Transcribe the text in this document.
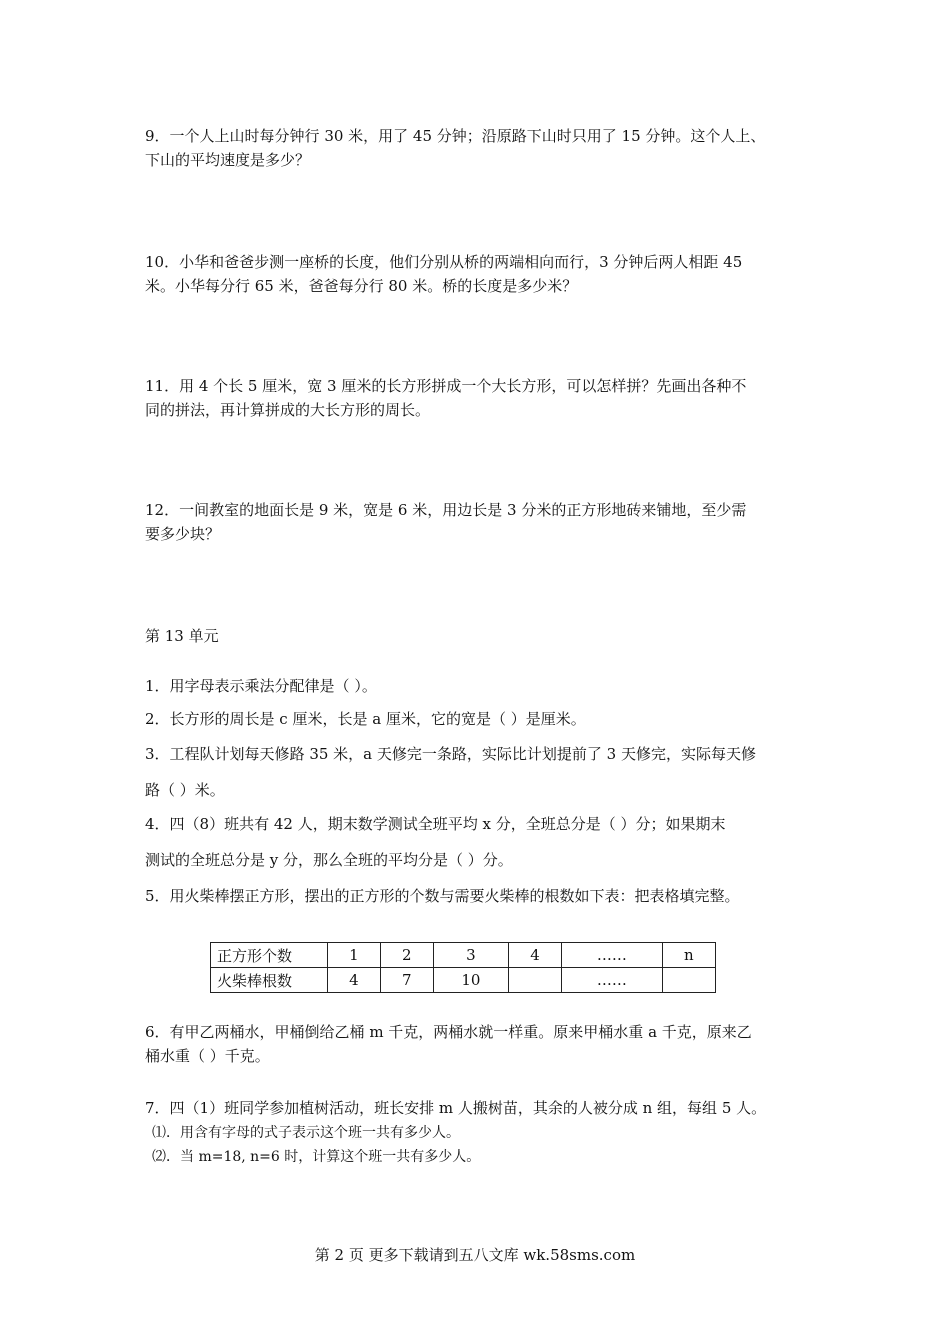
9．一个人上山时每分钟行 30 米，用了 45 分钟；沿原路下山时只用了 15 分钟。这个人上、
下山的平均速度是多少？

10．小华和爸爸步测一座桥的长度，他们分别从桥的两端相向而行，3 分钟后两人相距 45
米。小华每分行 65 米，爸爸每分行 80 米。桥的长度是多少米？

11．用 4 个长 5 厘米，宽 3 厘米的长方形拼成一个大长方形，可以怎样拼？先画出各种不
同的拼法，再计算拼成的大长方形的周长。

12．一间教室的地面长是 9 米，宽是 6 米，用边长是 3 分米的正方形地砖来铺地，至少需
要多少块？

第 13 单元

1．用字母表示乘法分配律是（ ）。

2．长方形的周长是 c 厘米，长是 a 厘米，它的宽是（ ）是厘米。

3．工程队计划每天修路 35 米，a 天修完一条路，实际比计划提前了 3 天修完，实际每天修

路（ ）米。

4．四（8）班共有 42 人，期末数学测试全班平均 x 分，全班总分是（ ）分；如果期末

测试的全班总分是 y 分，那么全班的平均分是（ ）分。

5．用火柴棒摆正方形，摆出的正方形的个数与需要火柴棒的根数如下表：把表格填完整。

正方形个数	1	2	3	4	……	n
火柴棒根数	4	7	10		……	

6．有甲乙两桶水，甲桶倒给乙桶 m 千克，两桶水就一样重。原来甲桶水重 a 千克，原来乙
桶水重（ ）千克。

7．四（1）班同学参加植树活动，班长安排 m 人搬树苗，其余的人被分成 n 组，每组 5 人。

⑴．用含有字母的式子表示这个班一共有多少人。
⑵．当 m=18, n=6 时，计算这个班一共有多少人。
第 2 页 更多下载请到五八文库 wk.58sms.com
